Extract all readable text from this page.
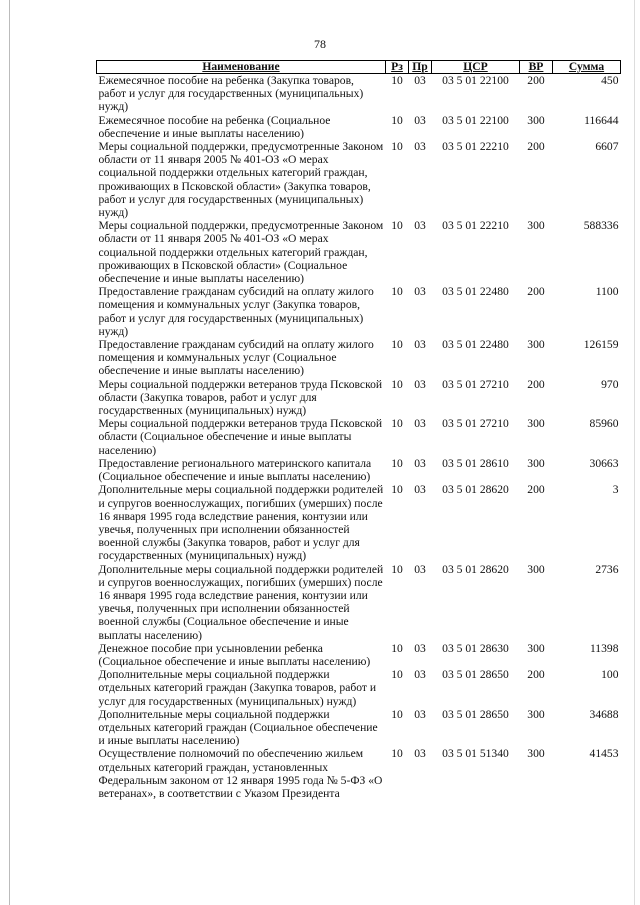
78
Наименование	Рз	Пр	ЦСР	ВР	Сумма
Ежемесячное пособие на ребенка (Закупка товаров, работ и услуг для государственных (муниципальных) нужд)	10	03	03 5 01 22100	200	450
Ежемесячное пособие на ребенка (Социальное обеспечение и иные выплаты населению)	10	03	03 5 01 22100	300	116644
Меры социальной поддержки, предусмотренные Законом области от 11 января 2005 № 401-ОЗ «О мерах социальной поддержки отдельных категорий граждан, проживающих в Псковской области» (Закупка товаров, работ и услуг для государственных (муниципальных) нужд)	10	03	03 5 01 22210	200	6607
Меры социальной поддержки, предусмотренные Законом области от 11 января 2005 № 401-ОЗ «О мерах социальной поддержки отдельных категорий граждан, проживающих в Псковской области» (Социальное обеспечение и иные выплаты населению)	10	03	03 5 01 22210	300	588336
Предоставление гражданам субсидий на оплату жилого помещения и коммунальных услуг (Закупка товаров, работ и услуг для государственных (муниципальных) нужд)	10	03	03 5 01 22480	200	1100
Предоставление гражданам субсидий на оплату жилого помещения и коммунальных услуг (Социальное обеспечение и иные выплаты населению)	10	03	03 5 01 22480	300	126159
Меры социальной поддержки ветеранов труда Псковской области (Закупка товаров, работ и услуг для государственных (муниципальных) нужд)	10	03	03 5 01 27210	200	970
Меры социальной поддержки ветеранов труда Псковской области (Социальное обеспечение и иные выплаты населению)	10	03	03 5 01 27210	300	85960
Предоставление регионального материнского капитала (Социальное обеспечение и иные выплаты населению)	10	03	03 5 01 28610	300	30663
Дополнительные меры социальной поддержки родителей и супругов военнослужащих, погибших (умерших) после 16 января 1995 года вследствие ранения, контузии или увечья, полученных при исполнении обязанностей военной службы (Закупка товаров, работ и услуг для государственных (муниципальных) нужд)	10	03	03 5 01 28620	200	3
Дополнительные меры социальной поддержки родителей и супругов военнослужащих, погибших (умерших) после 16 января 1995 года вследствие ранения, контузии или увечья, полученных при исполнении обязанностей военной службы (Социальное обеспечение и иные выплаты населению)	10	03	03 5 01 28620	300	2736
Денежное пособие при усыновлении ребенка (Социальное обеспечение и иные выплаты населению)	10	03	03 5 01 28630	300	11398
Дополнительные меры социальной поддержки отдельных категорий граждан (Закупка товаров, работ и услуг для государственных (муниципальных) нужд)	10	03	03 5 01 28650	200	100
Дополнительные меры социальной поддержки отдельных категорий граждан (Социальное обеспечение и иные выплаты населению)	10	03	03 5 01 28650	300	34688
Осуществление полномочий по обеспечению жильем отдельных категорий граждан, установленных Федеральным законом от 12 января 1995 года № 5-ФЗ «О ветеранах», в соответствии с Указом Президента	10	03	03 5 01 51340	300	41453
